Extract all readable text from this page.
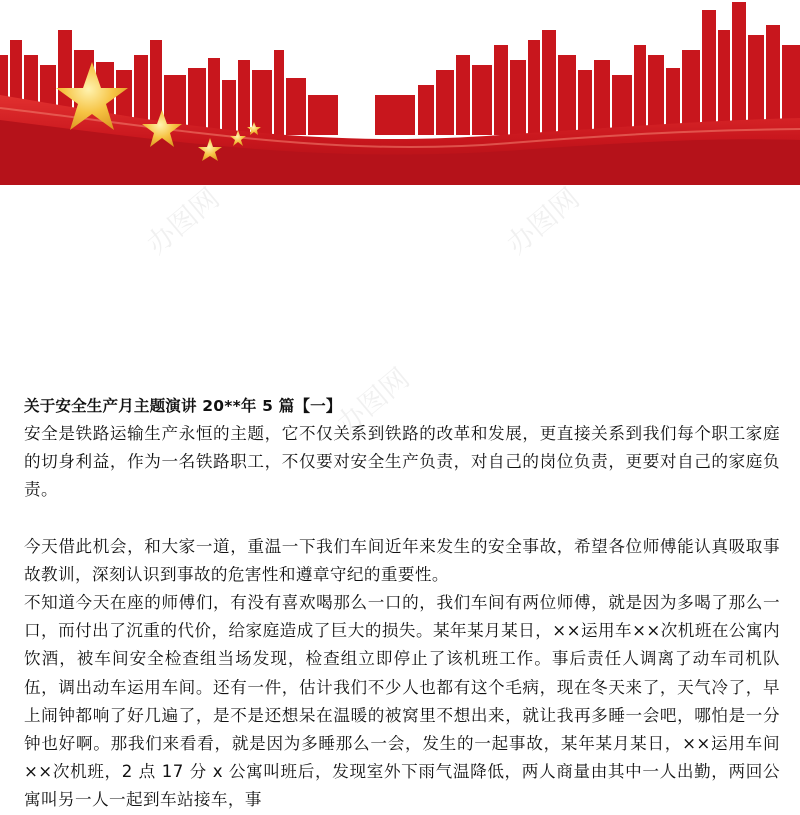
办图网	办图网
办图网
关于安全生产月主题演讲 20**年 5 篇【一】

安全是铁路运输生产永恒的主题，它不仅关系到铁路的改革和发展，更直接关系到我们每个职工家庭的切身利益，作为一名铁路职工，不仅要对安全生产负责，对自己的岗位负责，更要对自己的家庭负责。

今天借此机会，和大家一道，重温一下我们车间近年来发生的安全事故，希望各位师傅能认真吸取事故教训，深刻认识到事故的危害性和遵章守纪的重要性。

不知道今天在座的师傅们，有没有喜欢喝那么一口的，我们车间有两位师傅，就是因为多喝了那么一口，而付出了沉重的代价，给家庭造成了巨大的损失。某年某月某日，××运用车××次机班在公寓内饮酒，被车间安全检查组当场发现，检查组立即停止了该机班工作。事后责任人调离了动车司机队伍，调出动车运用车间。还有一件，估计我们不少人也都有这个毛病，现在冬天来了，天气冷了，早上闹钟都响了好几遍了，是不是还想呆在温暖的被窝里不想出来，就让我再多睡一会吧，哪怕是一分钟也好啊。那我们来看看，就是因为多睡那么一会，发生的一起事故，某年某月某日，××运用车间××次机班，2 点 17 分 x 公寓叫班后，发现室外下雨气温降低，两人商量由其中一人出勤，两回公寓叫另一人一起到车站接车，事
